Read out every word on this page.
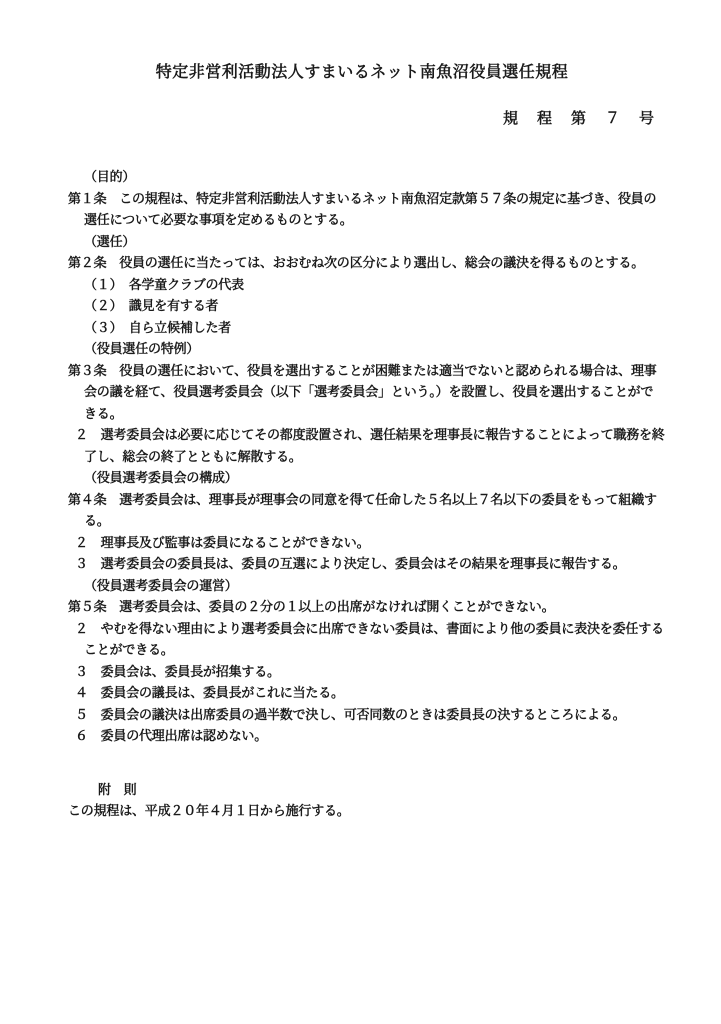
特定非営利活動法人すまいるネット南魚沼役員選任規程
規　程　第　７　号
（目的）
第１条　この規程は、特定非営利活動法人すまいるネット南魚沼定款第５７条の規定に基づき、役員の
選任について必要な事項を定めるものとする。
（選任）
第２条　役員の選任に当たっては、おおむね次の区分により選出し、総会の議決を得るものとする。
（１）　各学童クラブの代表
（２）　識見を有する者
（３）　自ら立候補した者
（役員選任の特例）
第３条　役員の選任において、役員を選出することが困難または適当でないと認められる場合は、理事
会の議を経て、役員選考委員会（以下「選考委員会」という。）を設置し、役員を選出することがで
きる。
２　選考委員会は必要に応じてその都度設置され、選任結果を理事長に報告することによって職務を終
了し、総会の終了とともに解散する。
（役員選考委員会の構成）
第４条　選考委員会は、理事長が理事会の同意を得て任命した５名以上７名以下の委員をもって組織す
る。
２　理事長及び監事は委員になることができない。
３　選考委員会の委員長は、委員の互選により決定し、委員会はその結果を理事長に報告する。
（役員選考委員会の運営）
第５条　選考委員会は、委員の２分の１以上の出席がなければ開くことができない。
２　やむを得ない理由により選考委員会に出席できない委員は、書面により他の委員に表決を委任する
ことができる。
３　委員会は、委員長が招集する。
４　委員会の議長は、委員長がこれに当たる。
５　委員会の議決は出席委員の過半数で決し、可否同数のときは委員長の決するところによる。
６　委員の代理出席は認めない。
附　則
この規程は、平成２０年４月１日から施行する。
